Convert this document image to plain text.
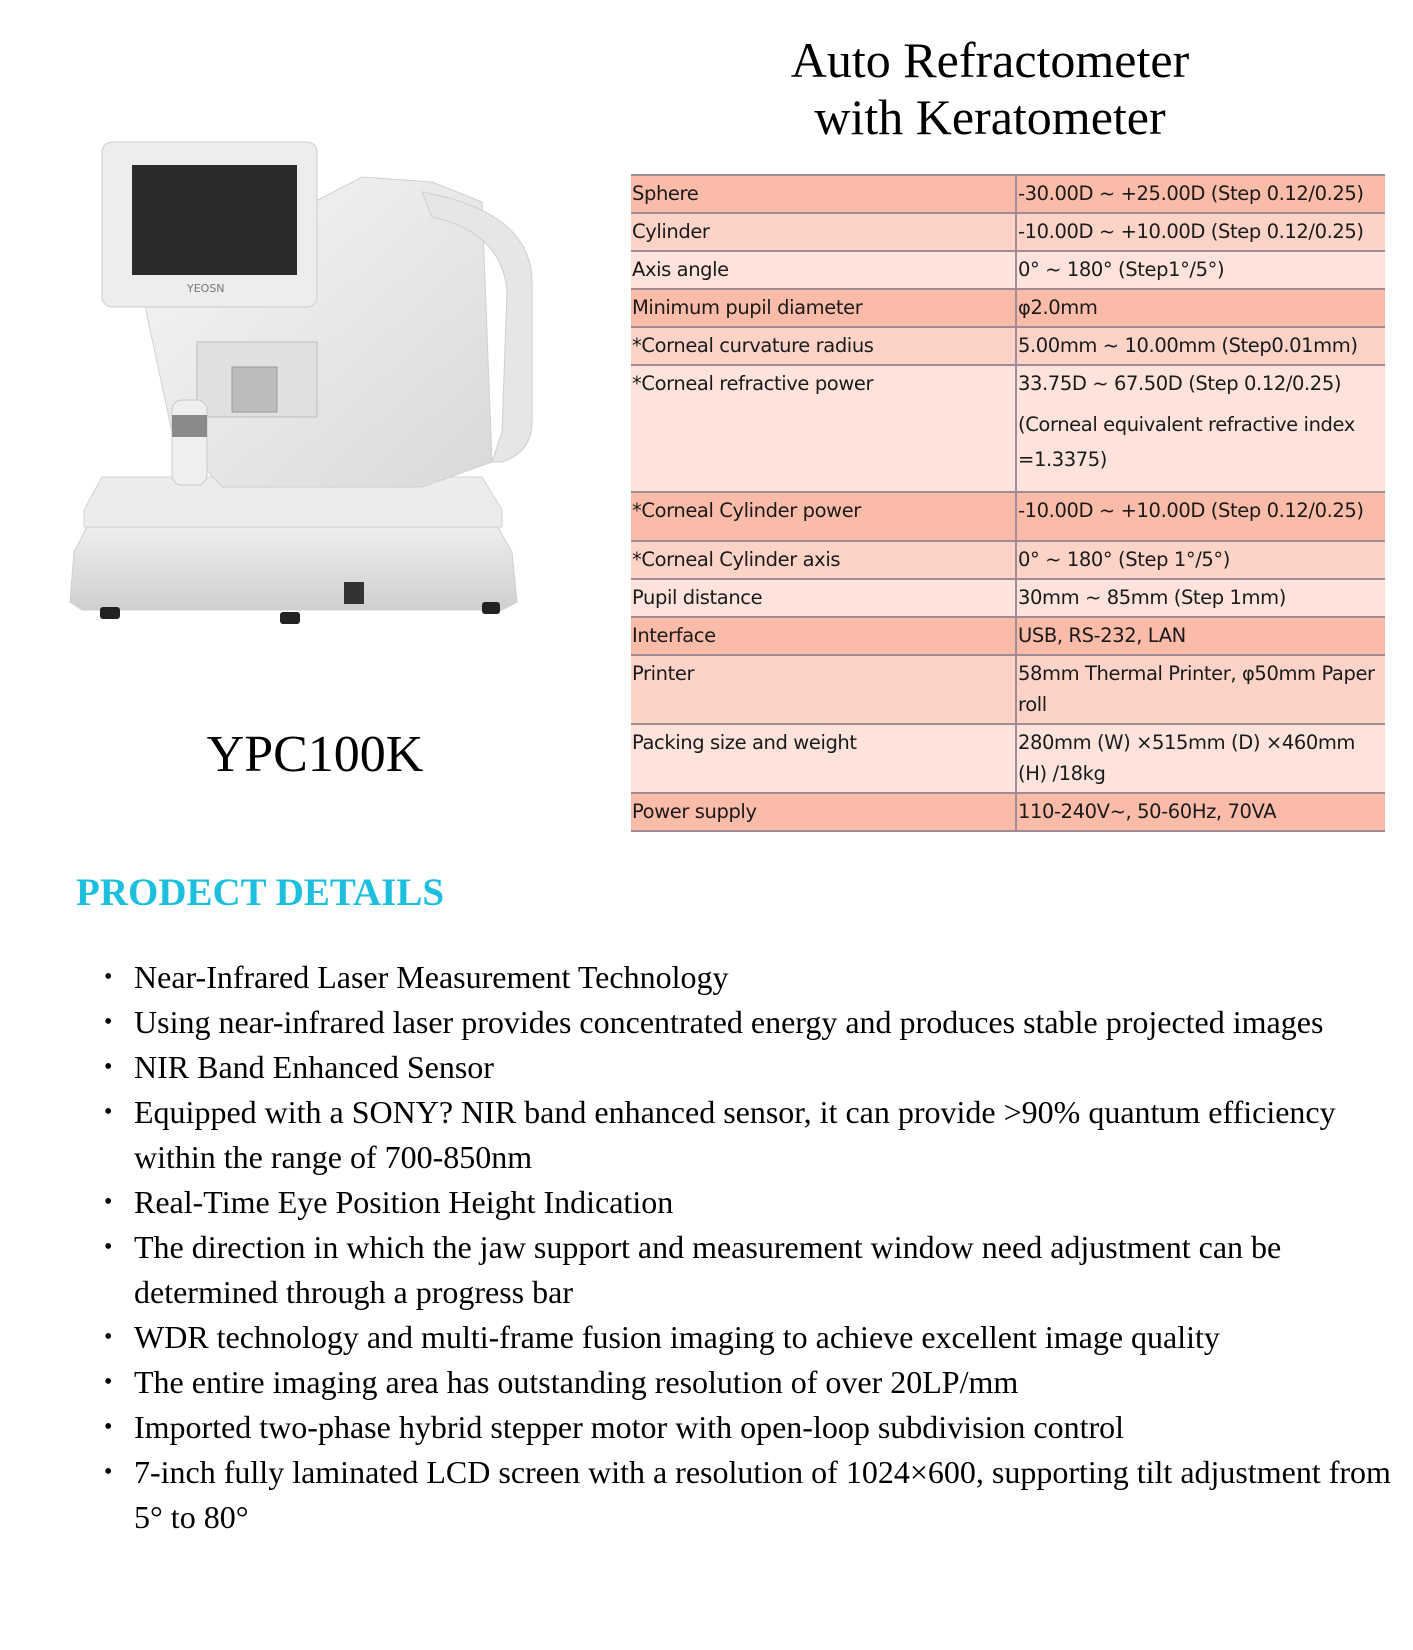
Auto Refractometer
with Keratometer
YEOSN
YPC100K
Sphere	-30.00D ~ +25.00D (Step 0.12/0.25)
Cylinder	-10.00D ~ +10.00D (Step 0.12/0.25)
Axis angle	0° ~ 180° (Step1°/5°)
Minimum pupil diameter	φ2.0mm
*Corneal curvature radius	5.00mm ~ 10.00mm (Step0.01mm)
*Corneal refractive power	33.75D ~ 67.50D (Step 0.12/0.25)
(Corneal equivalent refractive index =1.3375)

*Corneal Cylinder power	-10.00D ~ +10.00D (Step 0.12/0.25)
*Corneal Cylinder axis	0° ~ 180° (Step 1°/5°)
Pupil distance	30mm ~ 85mm (Step 1mm)
Interface	USB, RS-232, LAN
Printer	58mm Thermal Printer, φ50mm Paper roll
Packing size and weight	280mm (W) ×515mm (D) ×460mm (H) /18kg
Power supply	110-240V~, 50-60Hz, 70VA
PRODECT DETAILS
• Near-Infrared Laser Measurement Technology
• Using near-infrared laser provides concentrated energy and produces stable projected images
• NIR Band Enhanced Sensor
• Equipped with a SONY? NIR band enhanced sensor, it can provide >90% quantum efficiency within the range of 700-850nm
• Real-Time Eye Position Height Indication
• The direction in which the jaw support and measurement window need adjustment can be determined through a progress bar
• WDR technology and multi-frame fusion imaging to achieve excellent image quality
• The entire imaging area has outstanding resolution of over 20LP/mm
• Imported two-phase hybrid stepper motor with open-loop subdivision control
• 7-inch fully laminated LCD screen with a resolution of 1024×600, supporting tilt adjustment from 5° to 80°
